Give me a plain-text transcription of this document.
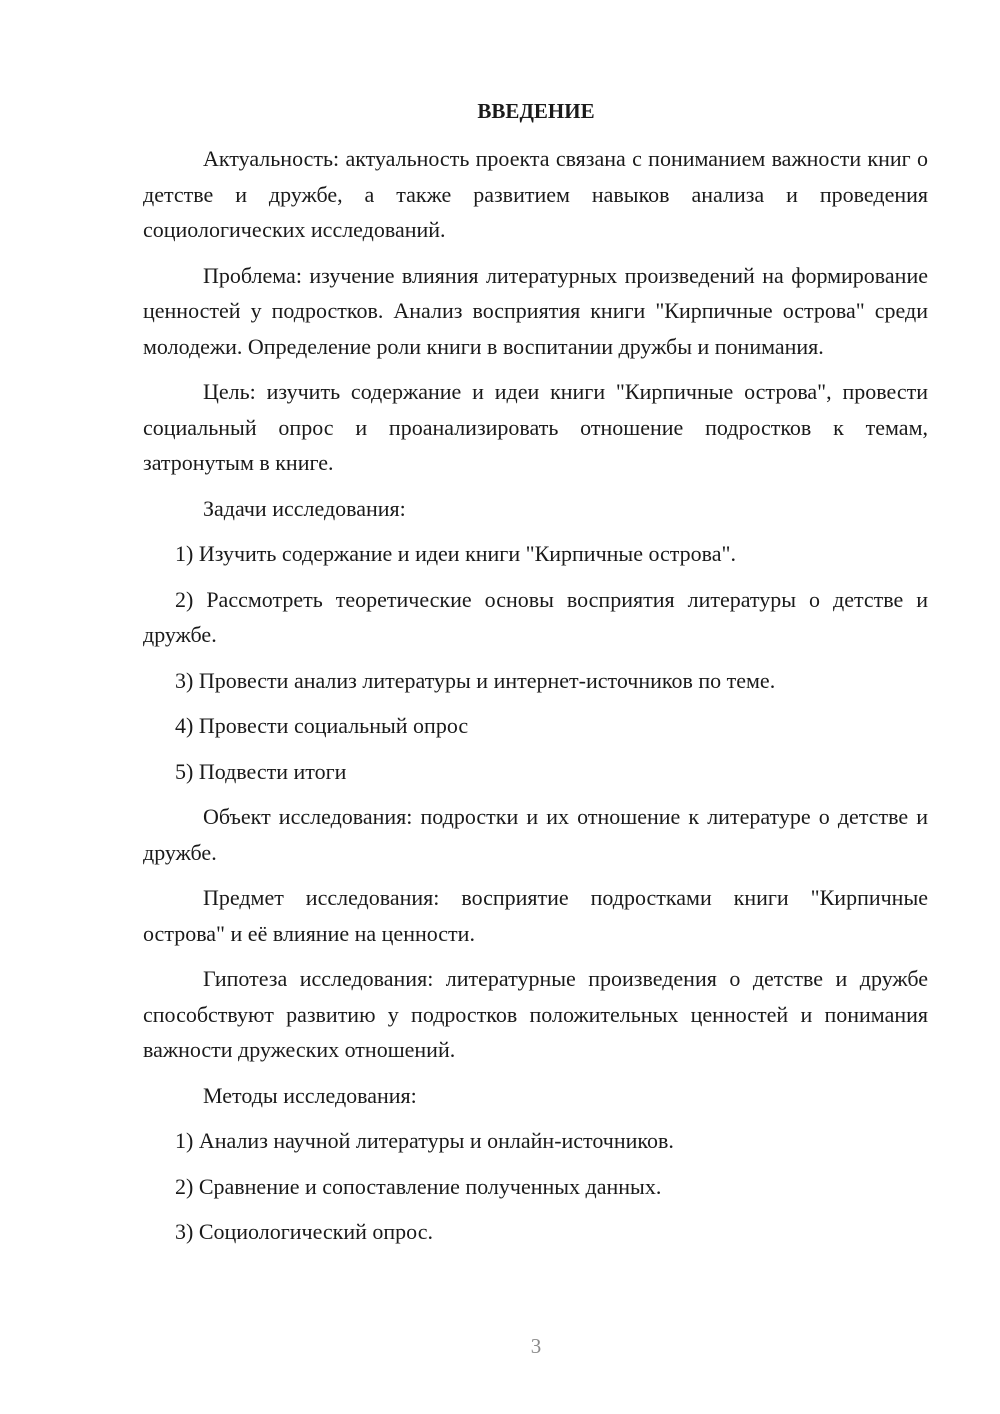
ВВЕДЕНИЕ

Актуальность: актуальность проекта связана с пониманием важности книг о детстве и дружбе, а также развитием навыков анализа и проведения социологических исследований.

Проблема: изучение влияния литературных произведений на формирование ценностей у подростков. Анализ восприятия книги "Кирпичные острова" среди молодежи. Определение роли книги в воспитании дружбы и понимания.

Цель: изучить содержание и идеи книги "Кирпичные острова", провести социальный опрос и проанализировать отношение подростков к темам, затронутым в книге.

Задачи исследования:

1) Изучить содержание и идеи книги "Кирпичные острова".

2) Рассмотреть теоретические основы восприятия литературы о детстве и дружбе.

3) Провести анализ литературы и интернет-источников по теме.

4) Провести социальный опрос

5) Подвести итоги

Объект исследования: подростки и их отношение к литературе о детстве и дружбе.

Предмет исследования: восприятие подростками книги "Кирпичные острова" и её влияние на ценности.

Гипотеза исследования: литературные произведения о детстве и дружбе способствуют развитию у подростков положительных ценностей и понимания важности дружеских отношений.

Методы исследования:

1) Анализ научной литературы и онлайн-источников.

2) Сравнение и сопоставление полученных данных.

3) Социологический опрос.

3
